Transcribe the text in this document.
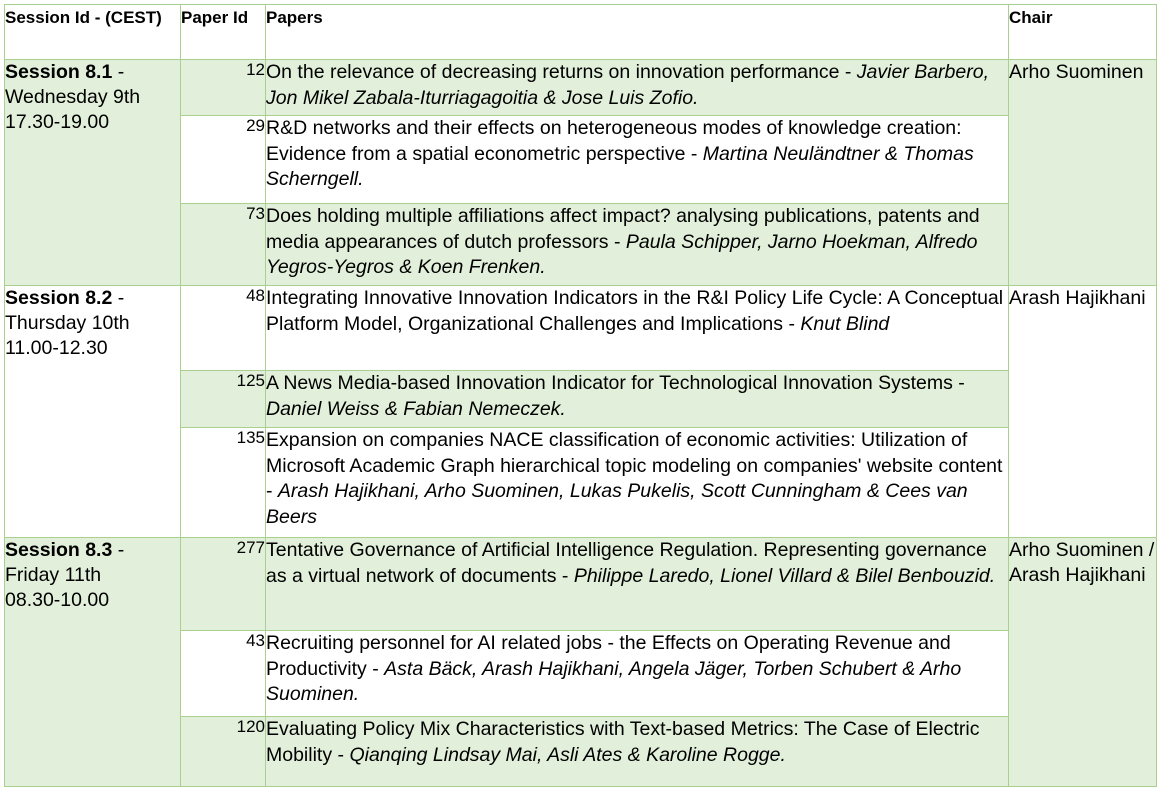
Session Id - (CEST)	Paper Id	Papers	Chair
Session 8.1 -
Wednesday 9th
17.30-19.00	12	On the relevance of decreasing returns on innovation performance - Javier Barbero, Jon Mikel Zabala-Iturriagagoitia & Jose Luis Zofio.	Arho Suominen
	29	R&D networks and their effects on heterogeneous modes of knowledge creation: Evidence from a spatial econometric perspective - Martina Neuländtner & Thomas Scherngell.	
	73	Does holding multiple affiliations affect impact? analysing publications, patents and media appearances of dutch professors - Paula Schipper, Jarno Hoekman, Alfredo Yegros-Yegros & Koen Frenken.	
Session 8.2 -
Thursday 10th
11.00-12.30	48	Integrating Innovative Innovation Indicators in the R&I Policy Life Cycle: A Conceptual Platform Model, Organizational Challenges and Implications - Knut Blind	Arash Hajikhani
	125	A News Media-based Innovation Indicator for Technological Innovation Systems - Daniel Weiss & Fabian Nemeczek.	
	135	Expansion on companies NACE classification of economic activities: Utilization of Microsoft Academic Graph hierarchical topic modeling on companies' website content - Arash Hajikhani, Arho Suominen, Lukas Pukelis, Scott Cunningham & Cees van Beers	
Session 8.3 -
Friday 11th
08.30-10.00	277	Tentative Governance of Artificial Intelligence Regulation. Representing governance as a virtual network of documents - Philippe Laredo, Lionel Villard & Bilel Benbouzid.	Arho Suominen / Arash Hajikhani
	43	Recruiting personnel for AI related jobs - the Effects on Operating Revenue and Productivity - Asta Bäck, Arash Hajikhani, Angela Jäger, Torben Schubert & Arho Suominen.	
	120	Evaluating Policy Mix Characteristics with Text-based Metrics: The Case of Electric Mobility - Qianqing Lindsay Mai, Asli Ates & Karoline Rogge.	
